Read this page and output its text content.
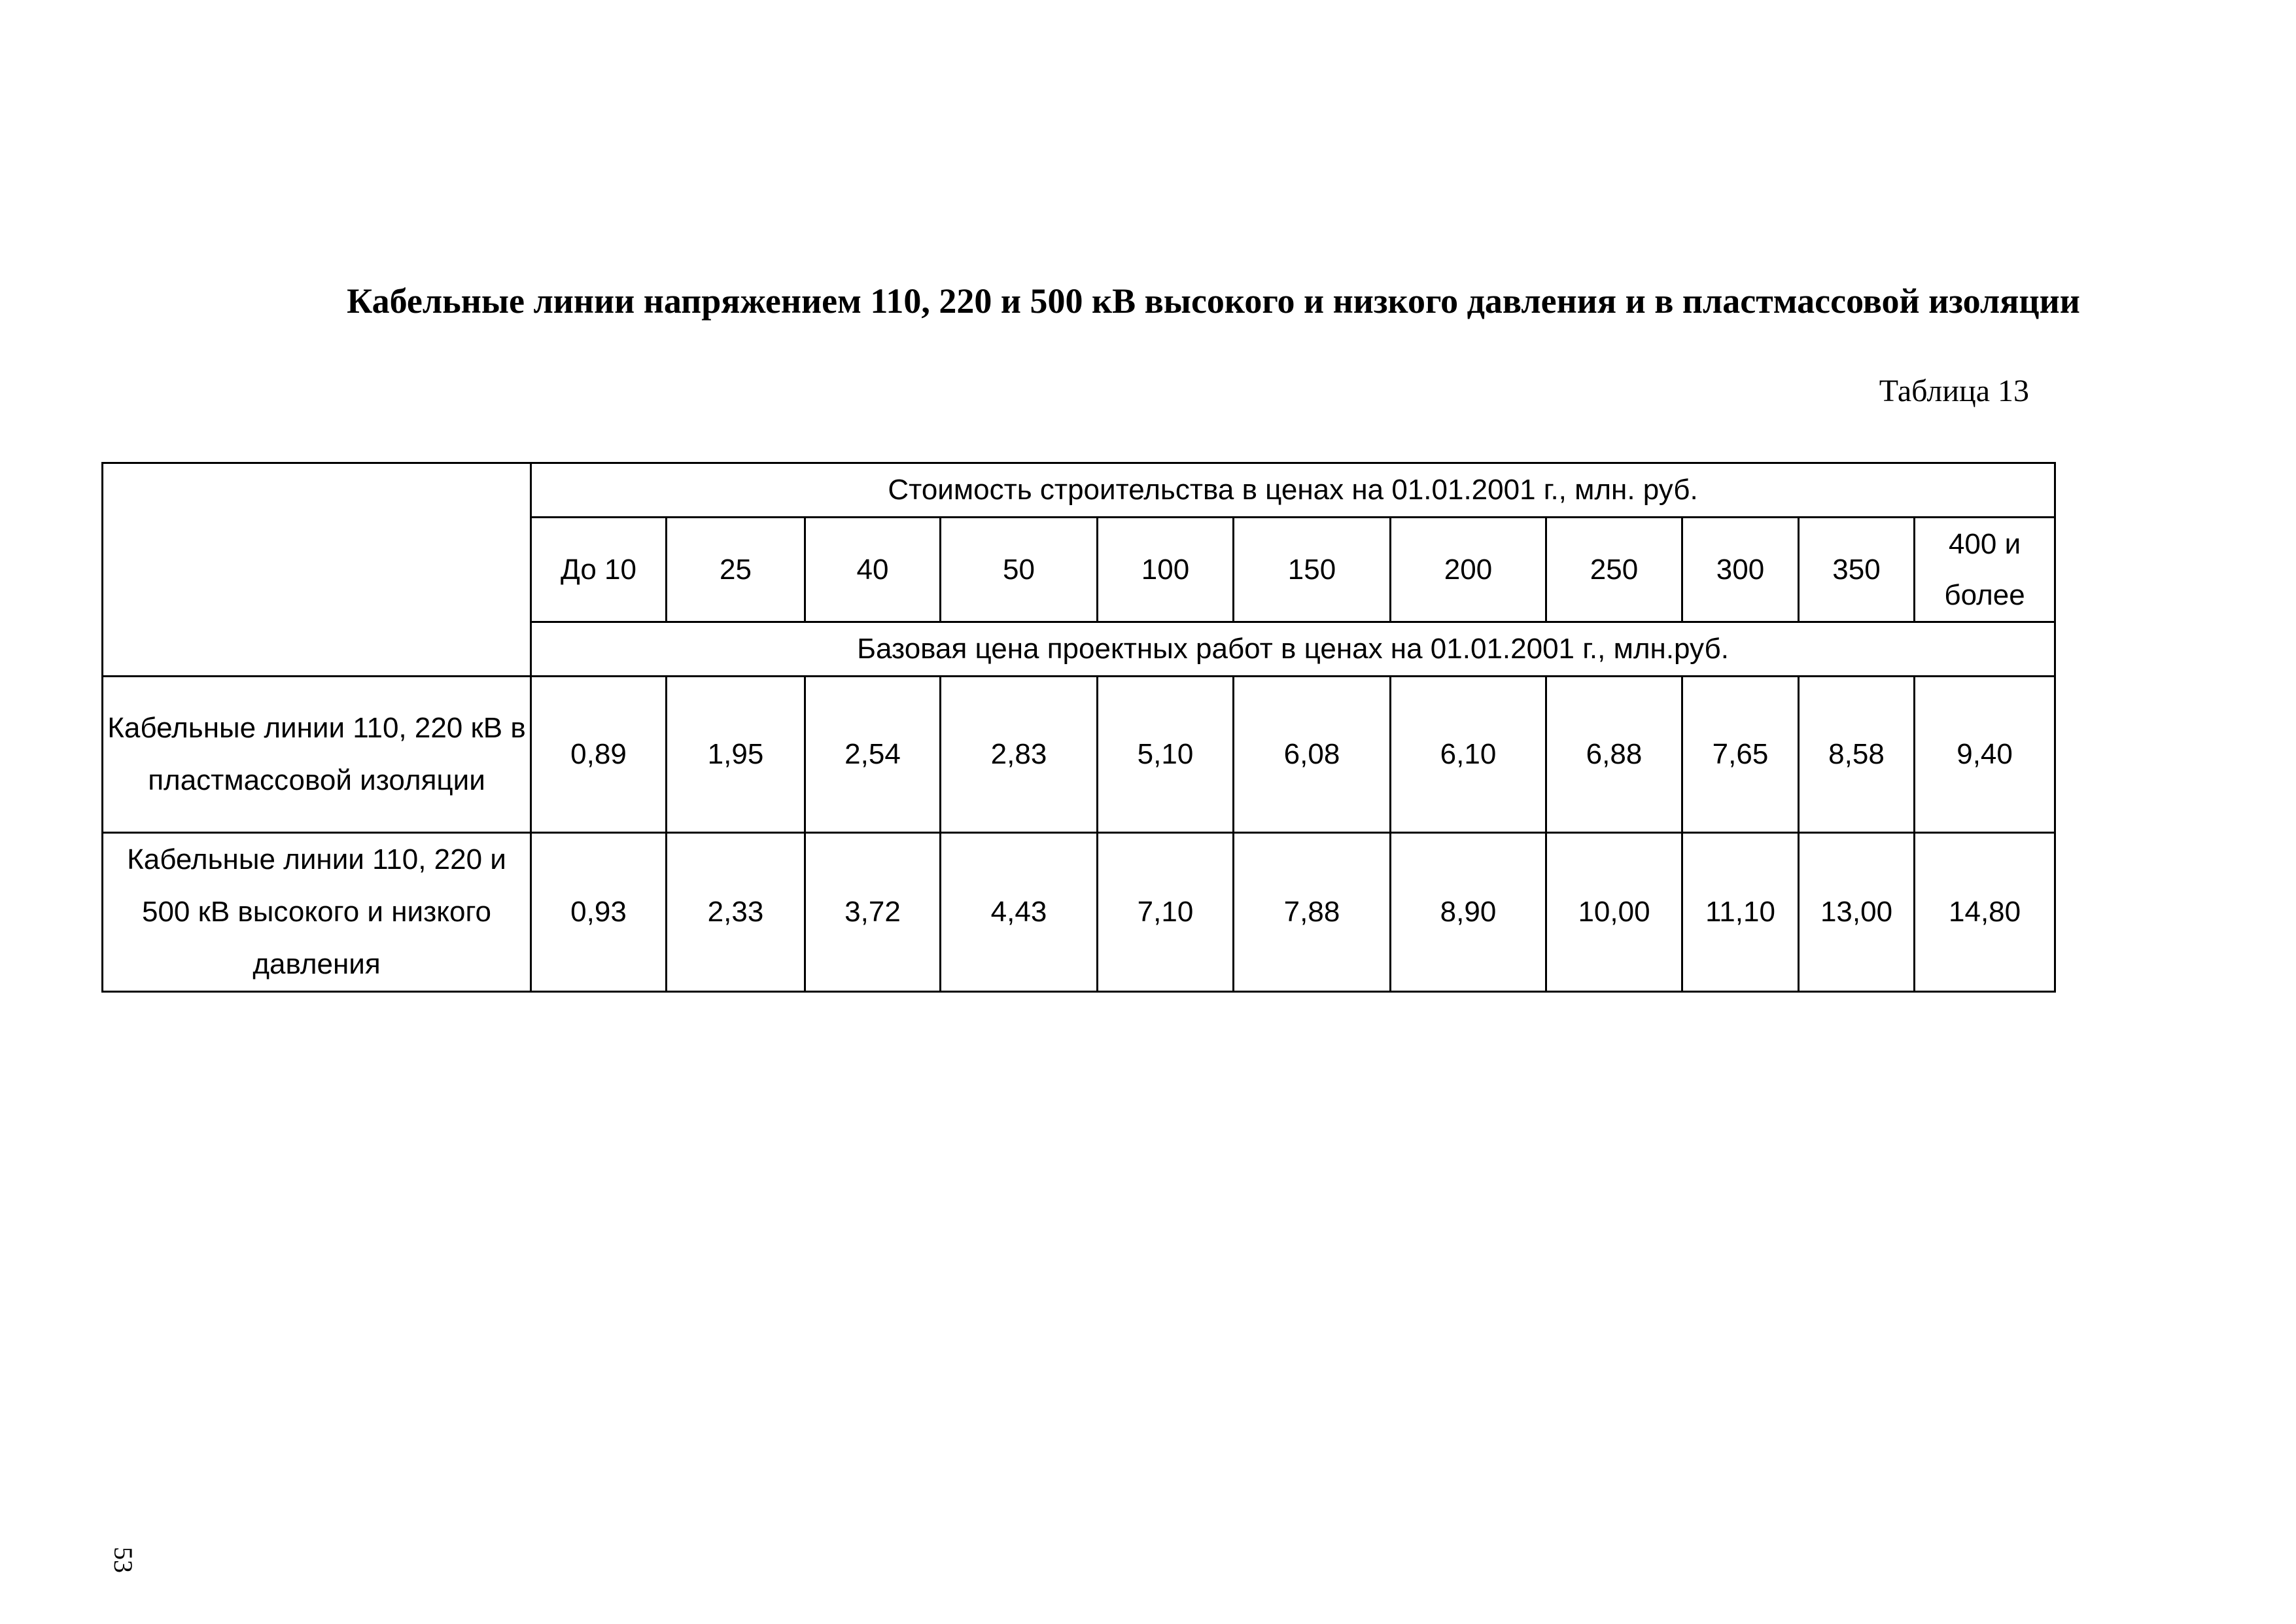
Кабельные линии напряжением 110, 220 и 500 кВ высокого и низкого давления и в пластмассовой изоляции
Таблица 13
	Стоимость строительства в ценах на 01.01.2001 г., млн. руб.										
	До 10	25	40	50	100	150	200	250	300	350	400 и более
	Базовая цена проектных работ в ценах на 01.01.2001 г., млн.руб.										
Кабельные линии 110, 220 кВ в пластмассовой изоляции	0,89	1,95	2,54	2,83	5,10	6,08	6,10	6,88	7,65	8,58	9,40
Кабельные линии 110, 220 и 500 кВ высокого и низкого давления	0,93	2,33	3,72	4,43	7,10	7,88	8,90	10,00	11,10	13,00	14,80
53
